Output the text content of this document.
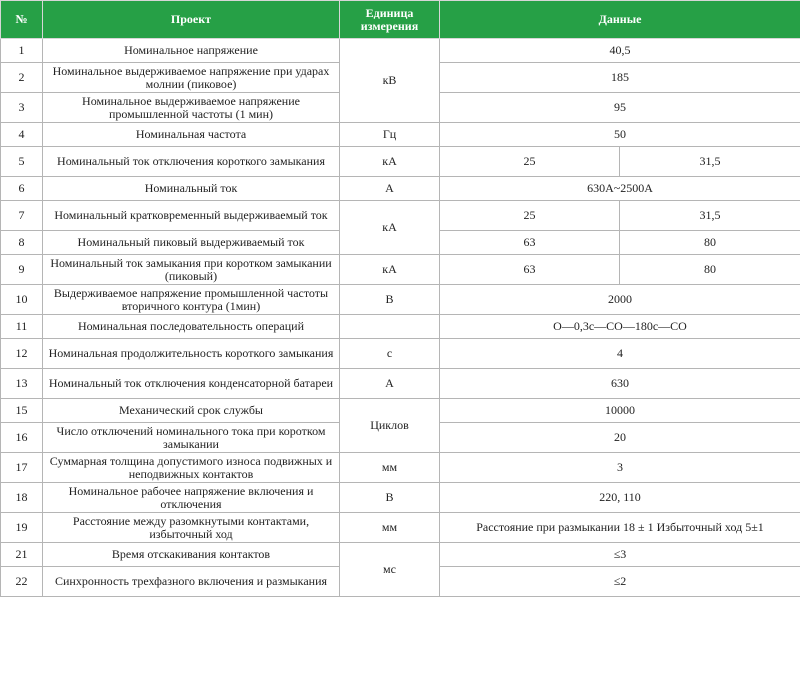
№	Проект	Единица измерения	Данные	
1	Номинальное напряжение	кВ	40,5	
2	Номинальное выдерживаемое напряжение при ударах молнии (пиковое)		185	
3	Номинальное выдерживаемое напряжение промышленной частоты (1 мин)		95	
4	Номинальная частота	Гц	50	
5	Номинальный ток отключения короткого замыкания	кА	25	31,5
6	Номинальный ток	А	630A~2500A	
7	Номинальный кратковременный выдерживаемый ток	кА	25	31,5
8	Номинальный пиковый выдерживаемый ток		63	80
9	Номинальный ток замыкания при коротком замыкании (пиковый)	кА	63	80
10	Выдерживаемое напряжение промышленной частоты вторичного контура (1мин)	В	2000	
11	Номинальная последовательность операций		О—0,3с—СО—180с—СО	
12	Номинальная продолжительность короткого замыкания	с	4	
13	Номинальный ток отключения конденсаторной батареи	А	630	
15	Механический срок службы	Циклов	10000	
16	Число отключений номинального тока при коротком замыкании		20	
17	Суммарная толщина допустимого износа подвижных и неподвижных контактов	мм	3	
18	Номинальное рабочее напряжение включения и отключения	В	220, 110	
19	Расстояние между разомкнутыми контактами, избыточный ход	мм	Расстояние при размыкании 18 ± 1 Избыточный ход 5±1	
21	Время отскакивания контактов	мс	≤3	
22	Синхронность трехфазного включения и размыкания		≤2	
